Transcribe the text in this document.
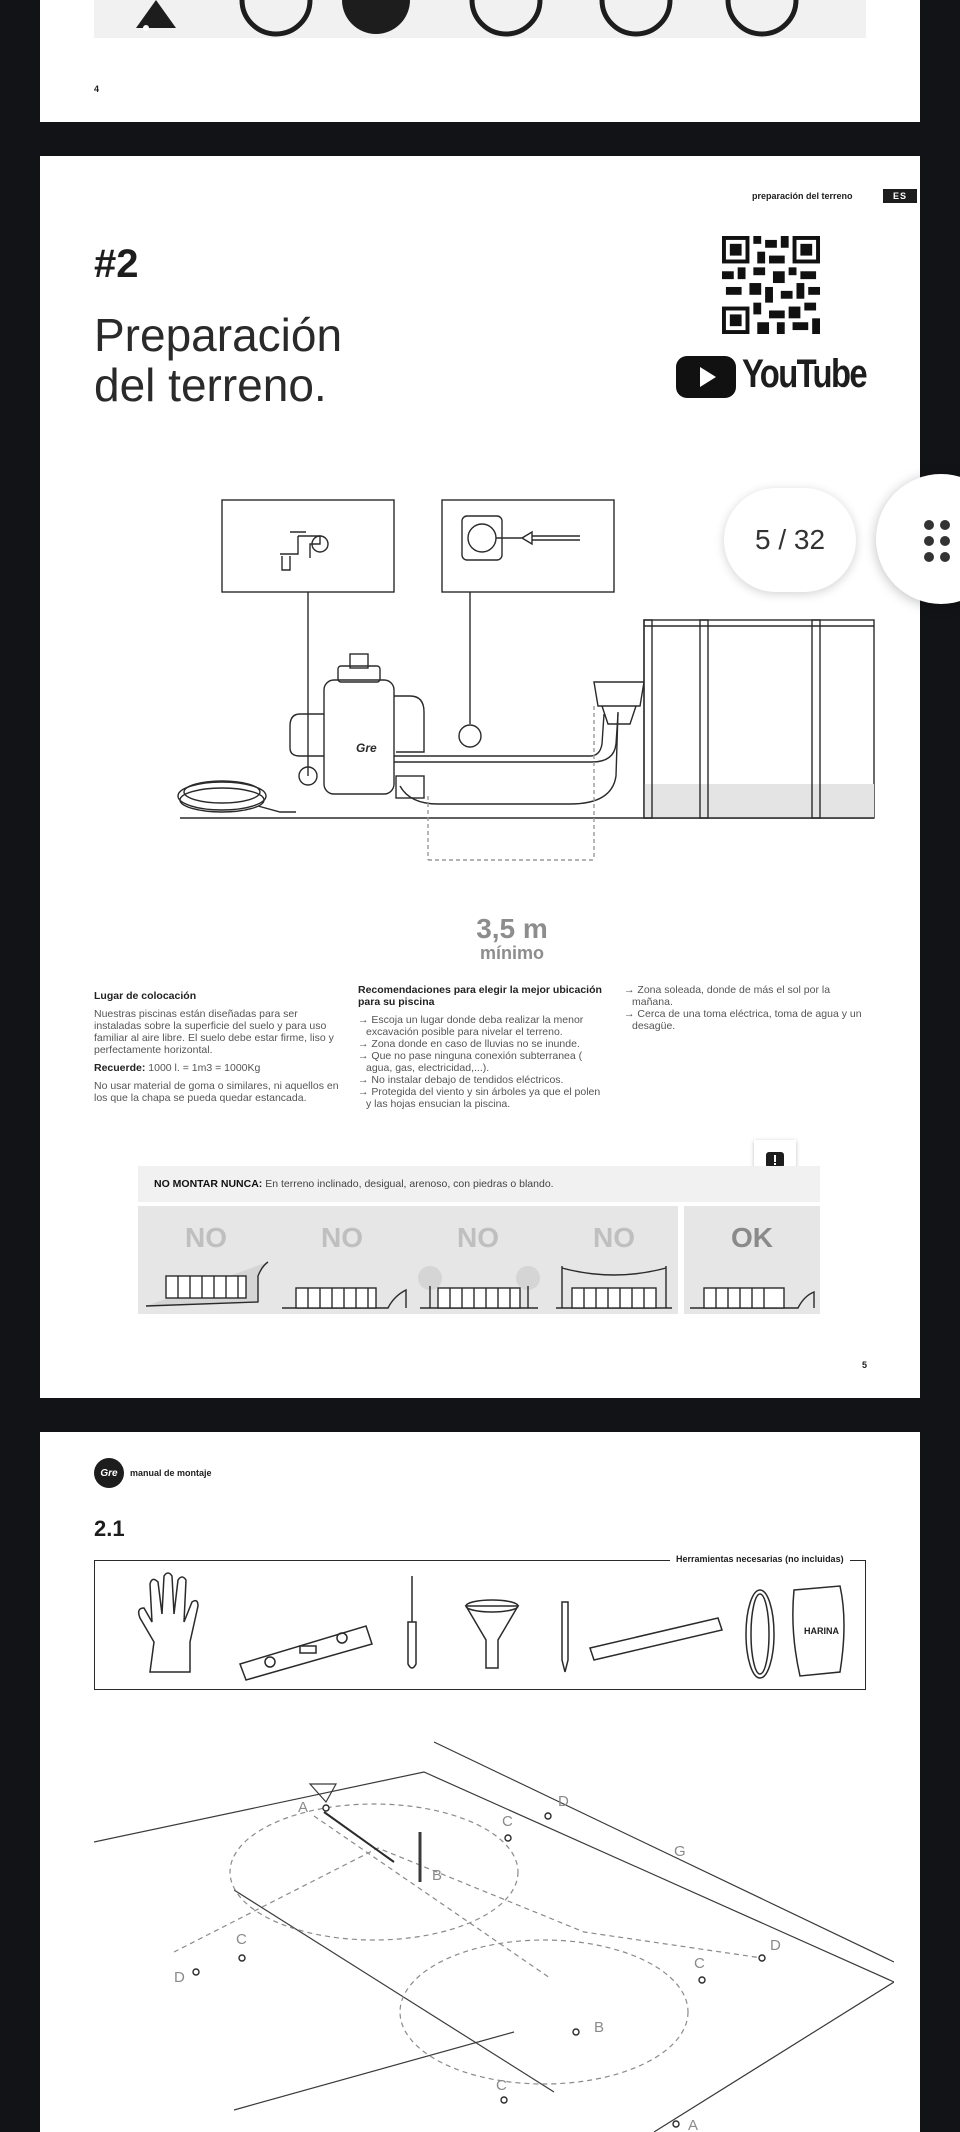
4
preparación del terreno	ES
#2
Preparación
del terreno.	YouTube
Gre
3,5 m
mínimo
Lugar de colocación

Nuestras piscinas están diseñadas para ser instaladas sobre la superficie del suelo y para uso familiar al aire libre. El suelo debe estar firme, liso y perfectamente horizontal.

Recuerde: 1000 l. = 1m3 = 1000Kg

No usar material de goma o similares, ni aquellos en los que la chapa se pueda quedar estancada.

Recomendaciones para elegir la mejor ubicación para su piscina
→ Escoja un lugar donde deba realizar la menor excavación posible para nivelar el terreno.
→ Zona donde en caso de lluvias no se inunde.
→ Que no pase ninguna conexión subterranea ( agua, gas, electricidad,...).
→ No instalar debajo de tendidos eléctricos.
→ Protegida del viento y sin árboles ya que el polen y las hojas ensucian la piscina.
→ Zona soleada, donde de más el sol por la mañana.
→ Cerca de una toma eléctrica, toma de agua y un desagüe.
NO MONTAR NUNCA: En terreno inclinado, desigual, arenoso, con piedras o blando.
NO	NO	NO	NO	OK
5
Gre manual de montaje
2.1
Herramientas necesarias (no incluidas)
HARINA
A
B
C
C
D
G
C
D
D
C
B
A
5 / 32
